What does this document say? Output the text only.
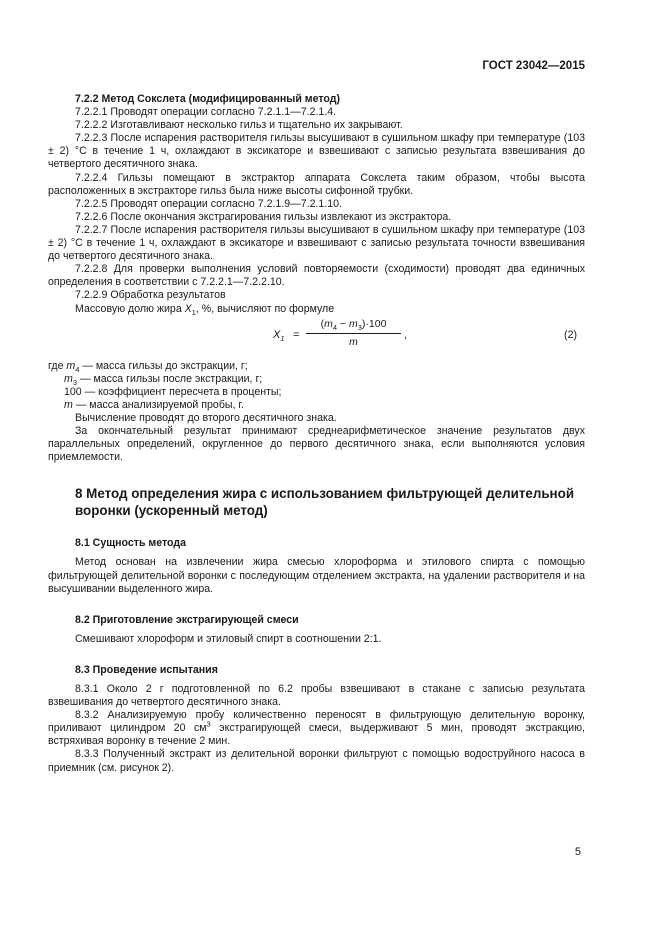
ГОСТ 23042—2015

7.2.2 Метод Сокслета (модифицированный метод)

7.2.2.1 Проводят операции согласно 7.2.1.1—7.2.1.4.

7.2.2.2 Изготавливают несколько гильз и тщательно их закрывают.

7.2.2.3 После испарения растворителя гильзы высушивают в сушильном шкафу при температуре (103 ± 2) °С в течение 1 ч, охлаждают в эксикаторе и взвешивают с записью результата взвешивания до четвертого десятичного знака.

7.2.2.4 Гильзы помещают в экстрактор аппарата Сокслета таким образом, чтобы высота расположенных в экстракторе гильз была ниже высоты сифонной трубки.

7.2.2.5 Проводят операции согласно 7.2.1.9—7.2.1.10.

7.2.2.6 После окончания экстрагирования гильзы извлекают из экстрактора.

7.2.2.7 После испарения растворителя гильзы высушивают в сушильном шкафу при температуре (103 ± 2) °С в течение 1 ч, охлаждают в эксикаторе и взвешивают с записью результата точности взвешивания до четвертого десятичного знака.

7.2.2.8 Для проверки выполнения условий повторяемости (сходимости) проводят два единичных определения в соответствии с 7.2.2.1—7.2.2.10.

7.2.2.9 Обработка результатов

Массовую долю жира $X_1$, %, вычисляют по формуле

$X_1$ =
$(m_4 - m_3)\cdot 100$
m
,	(2)

где $m_4$ — масса гильзы до экстракции, г;

$m_3$ — масса гильзы после экстракции, г;

100 — коэффициент пересчета в проценты;

m — масса анализируемой пробы, г.

Вычисление проводят до второго десятичного знака.

За окончательный результат принимают среднеарифметическое значение результатов двух параллельных определений, округленное до первого десятичного знака, если выполняются условия приемлемости.

8 Метод определения жира с использованием фильтрующей делительной воронки (ускоренный метод)

8.1 Сущность метода

Метод основан на извлечении жира смесью хлороформа и этилового спирта с помощью фильтрующей делительной воронки с последующим отделением экстракта, на удалении растворителя и на высушивании выделенного жира.

8.2 Приготовление экстрагирующей смеси

Смешивают хлороформ и этиловый спирт в соотношении 2:1.

8.3 Проведение испытания

8.3.1 Около 2 г подготовленной по 6.2 пробы взвешивают в стакане с записью результата взвешивания до четвертого десятичного знака.

8.3.2 Анализируемую пробу количественно переносят в фильтрующую делительную воронку, приливают цилиндром 20 $см^3$ экстрагирующей смеси, выдерживают 5 мин, проводят экстракцию, встряхивая воронку в течение 2 мин.

8.3.3 Полученный экстракт из делительной воронки фильтруют с помощью водоструйного насоса в приемник (см. рисунок 2).

5
